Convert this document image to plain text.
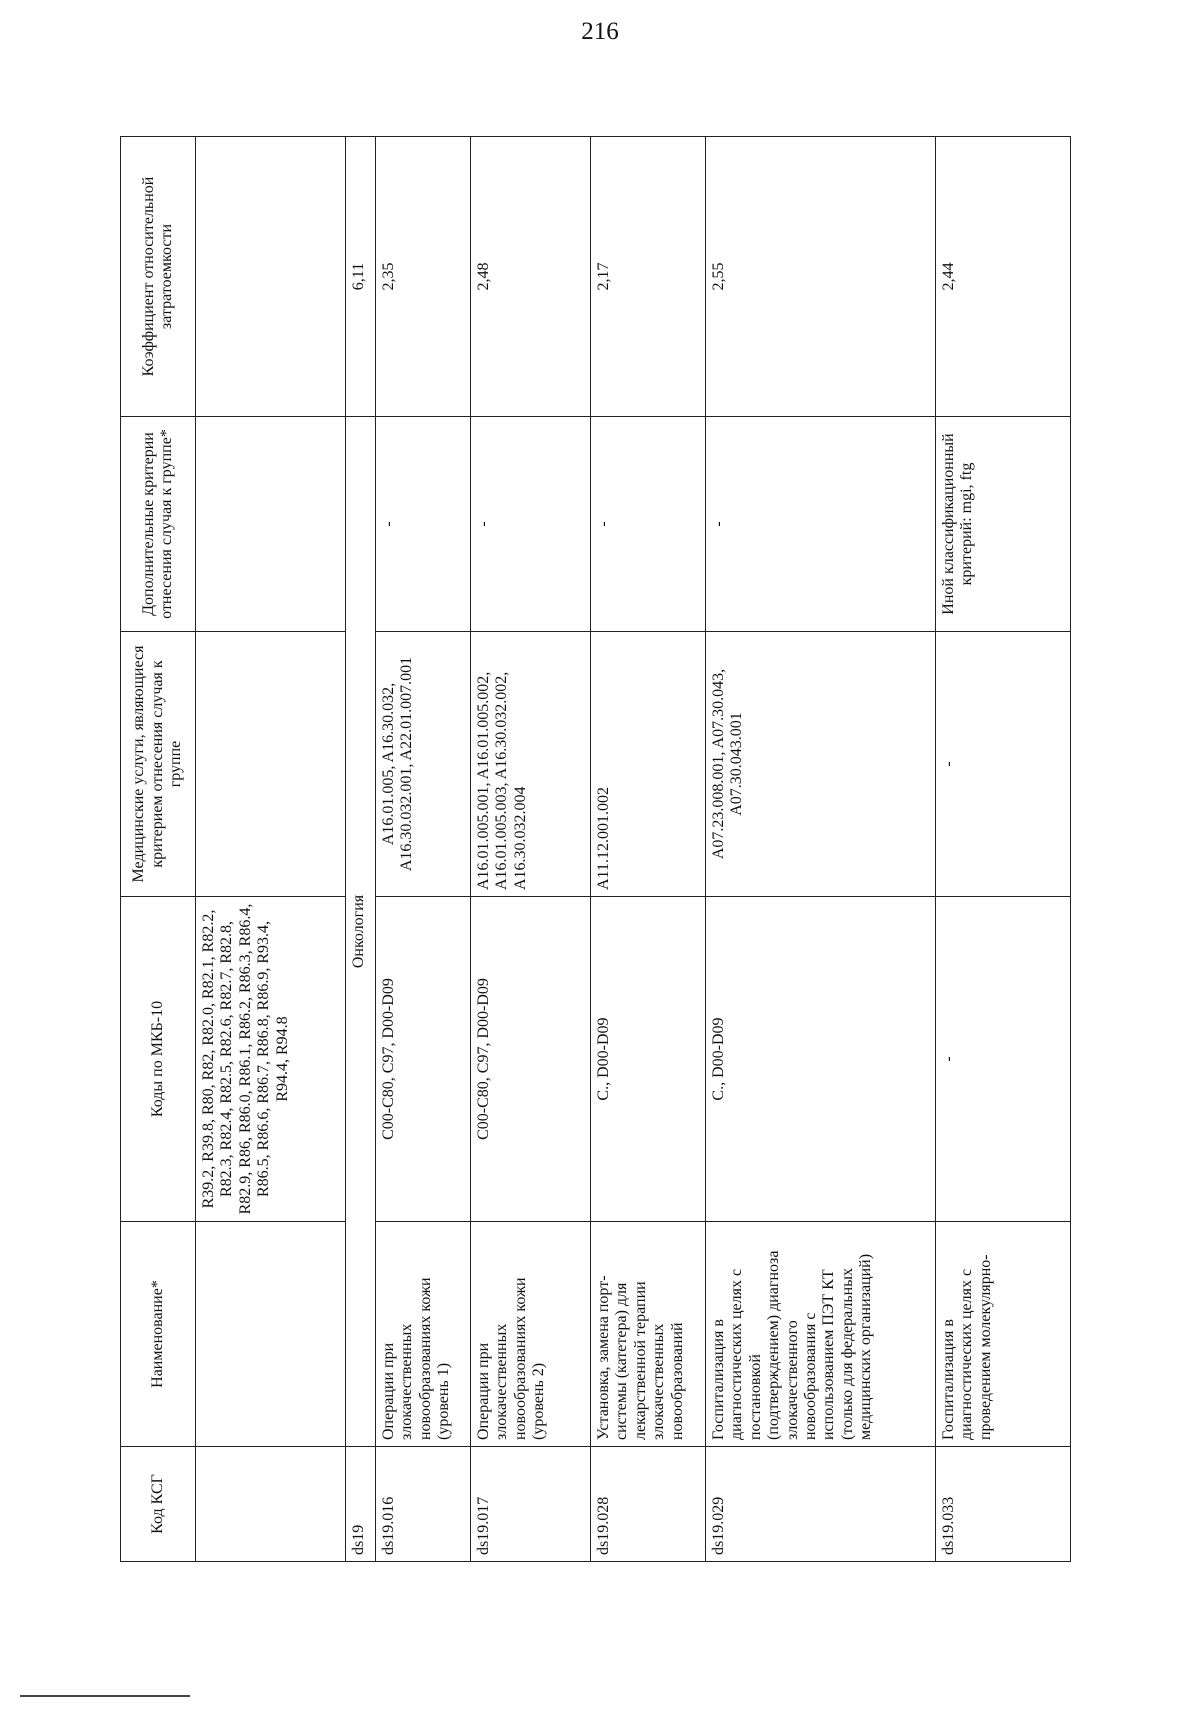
216
Код КСГ	Наименование*	Коды по МКБ-10	Медицинские услуги, являющиеся критерием отнесения случая к группе	Дополнительные критерии отнесения случая к группе*	Коэффициент относительной затратоемкости
		R39.2, R39.8, R80, R82, R82.0, R82.1, R82.2, R82.3, R82.4, R82.5, R82.6, R82.7, R82.8, R82.9, R86, R86.0, R86.1, R86.2, R86.3, R86.4, R86.5, R86.6, R86.7, R86.8, R86.9, R93.4, R94.4, R94.8			
ds19	Онкология				6,11
ds19.016	Операции при злокачественных новообразованиях кожи (уровень 1)	C00-C80, C97, D00-D09	A16.01.005, A16.30.032, A16.30.032.001, A22.01.007.001	-	2,35
ds19.017	Операции при злокачественных новообразованиях кожи (уровень 2)	C00-C80, C97, D00-D09	A16.01.005.001, A16.01.005.002, A16.01.005.003, A16.30.032.002, A16.30.032.004	-	2,48
ds19.028	Установка, замена порт-системы (катетера) для лекарственной терапии злокачественных новообразований	C., D00-D09	A11.12.001.002	-	2,17
ds19.029	Госпитализация в диагностических целях с постановкой (подтверждением) диагноза злокачественного новообразования с использованием ПЭТ КТ (только для федеральных медицинских организаций)	C., D00-D09	A07.23.008.001, A07.30.043, A07.30.043.001	-	2,55
ds19.033	Госпитализация в диагностических целях с проведением молекулярно-	-	-	Иной классификационный критерий: mgi, ftg	2,44
